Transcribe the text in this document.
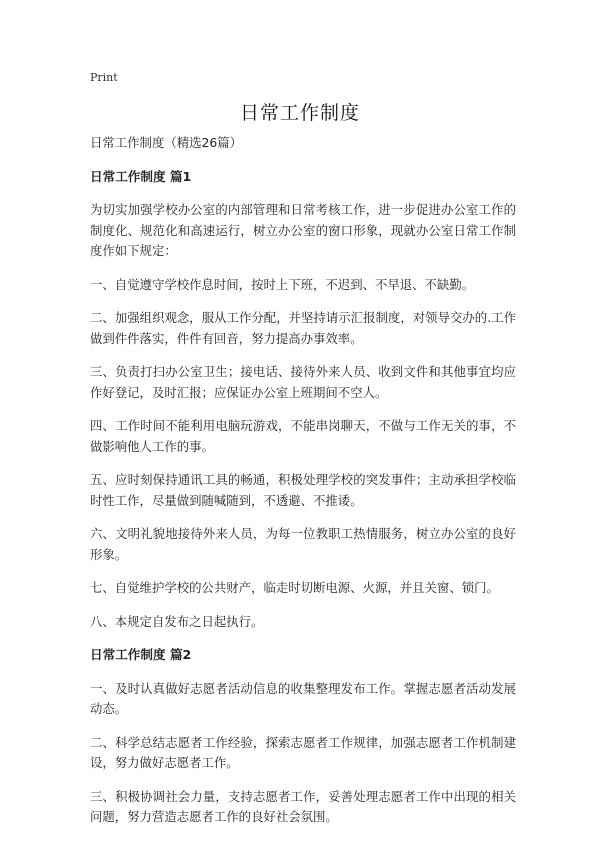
Print
日常工作制度

日常工作制度（精选26篇）

日常工作制度 篇1

为切实加强学校办公室的内部管理和日常考核工作，进一步促进办公室工作的制度化、规范化和高速运行，树立办公室的窗口形象，现就办公室日常工作制度作如下规定：

一、自觉遵守学校作息时间，按时上下班，不迟到、不早退、不缺勤。

二、加强组织观念，服从工作分配，并坚持请示汇报制度，对领导交办的.工作做到件件落实，件件有回音，努力提高办事效率。

三、负责打扫办公室卫生；接电话、接待外来人员、收到文件和其他事宜均应作好登记，及时汇报；应保证办公室上班期间不空人。

四、工作时间不能利用电脑玩游戏，不能串岗聊天，不做与工作无关的事，不做影响他人工作的事。

五、应时刻保持通讯工具的畅通，积极处理学校的突发事件；主动承担学校临时性工作，尽量做到随喊随到，不透避、不推诿。

六、文明礼貌地接待外来人员，为每一位教职工热情服务，树立办公室的良好形象。

七、自觉维护学校的公共财产，临走时切断电源、火源，并且关窗、锁门。

八、本规定自发布之日起执行。

日常工作制度 篇2

一、及时认真做好志愿者活动信息的收集整理发布工作。掌握志愿者活动发展动态。

二、科学总结志愿者工作经验，探索志愿者工作规律，加强志愿者工作机制建设，努力做好志愿者工作。

三、积极协调社会力量，支持志愿者工作，妥善处理志愿者工作中出现的相关问题，努力营造志愿者工作的良好社会氛围。
